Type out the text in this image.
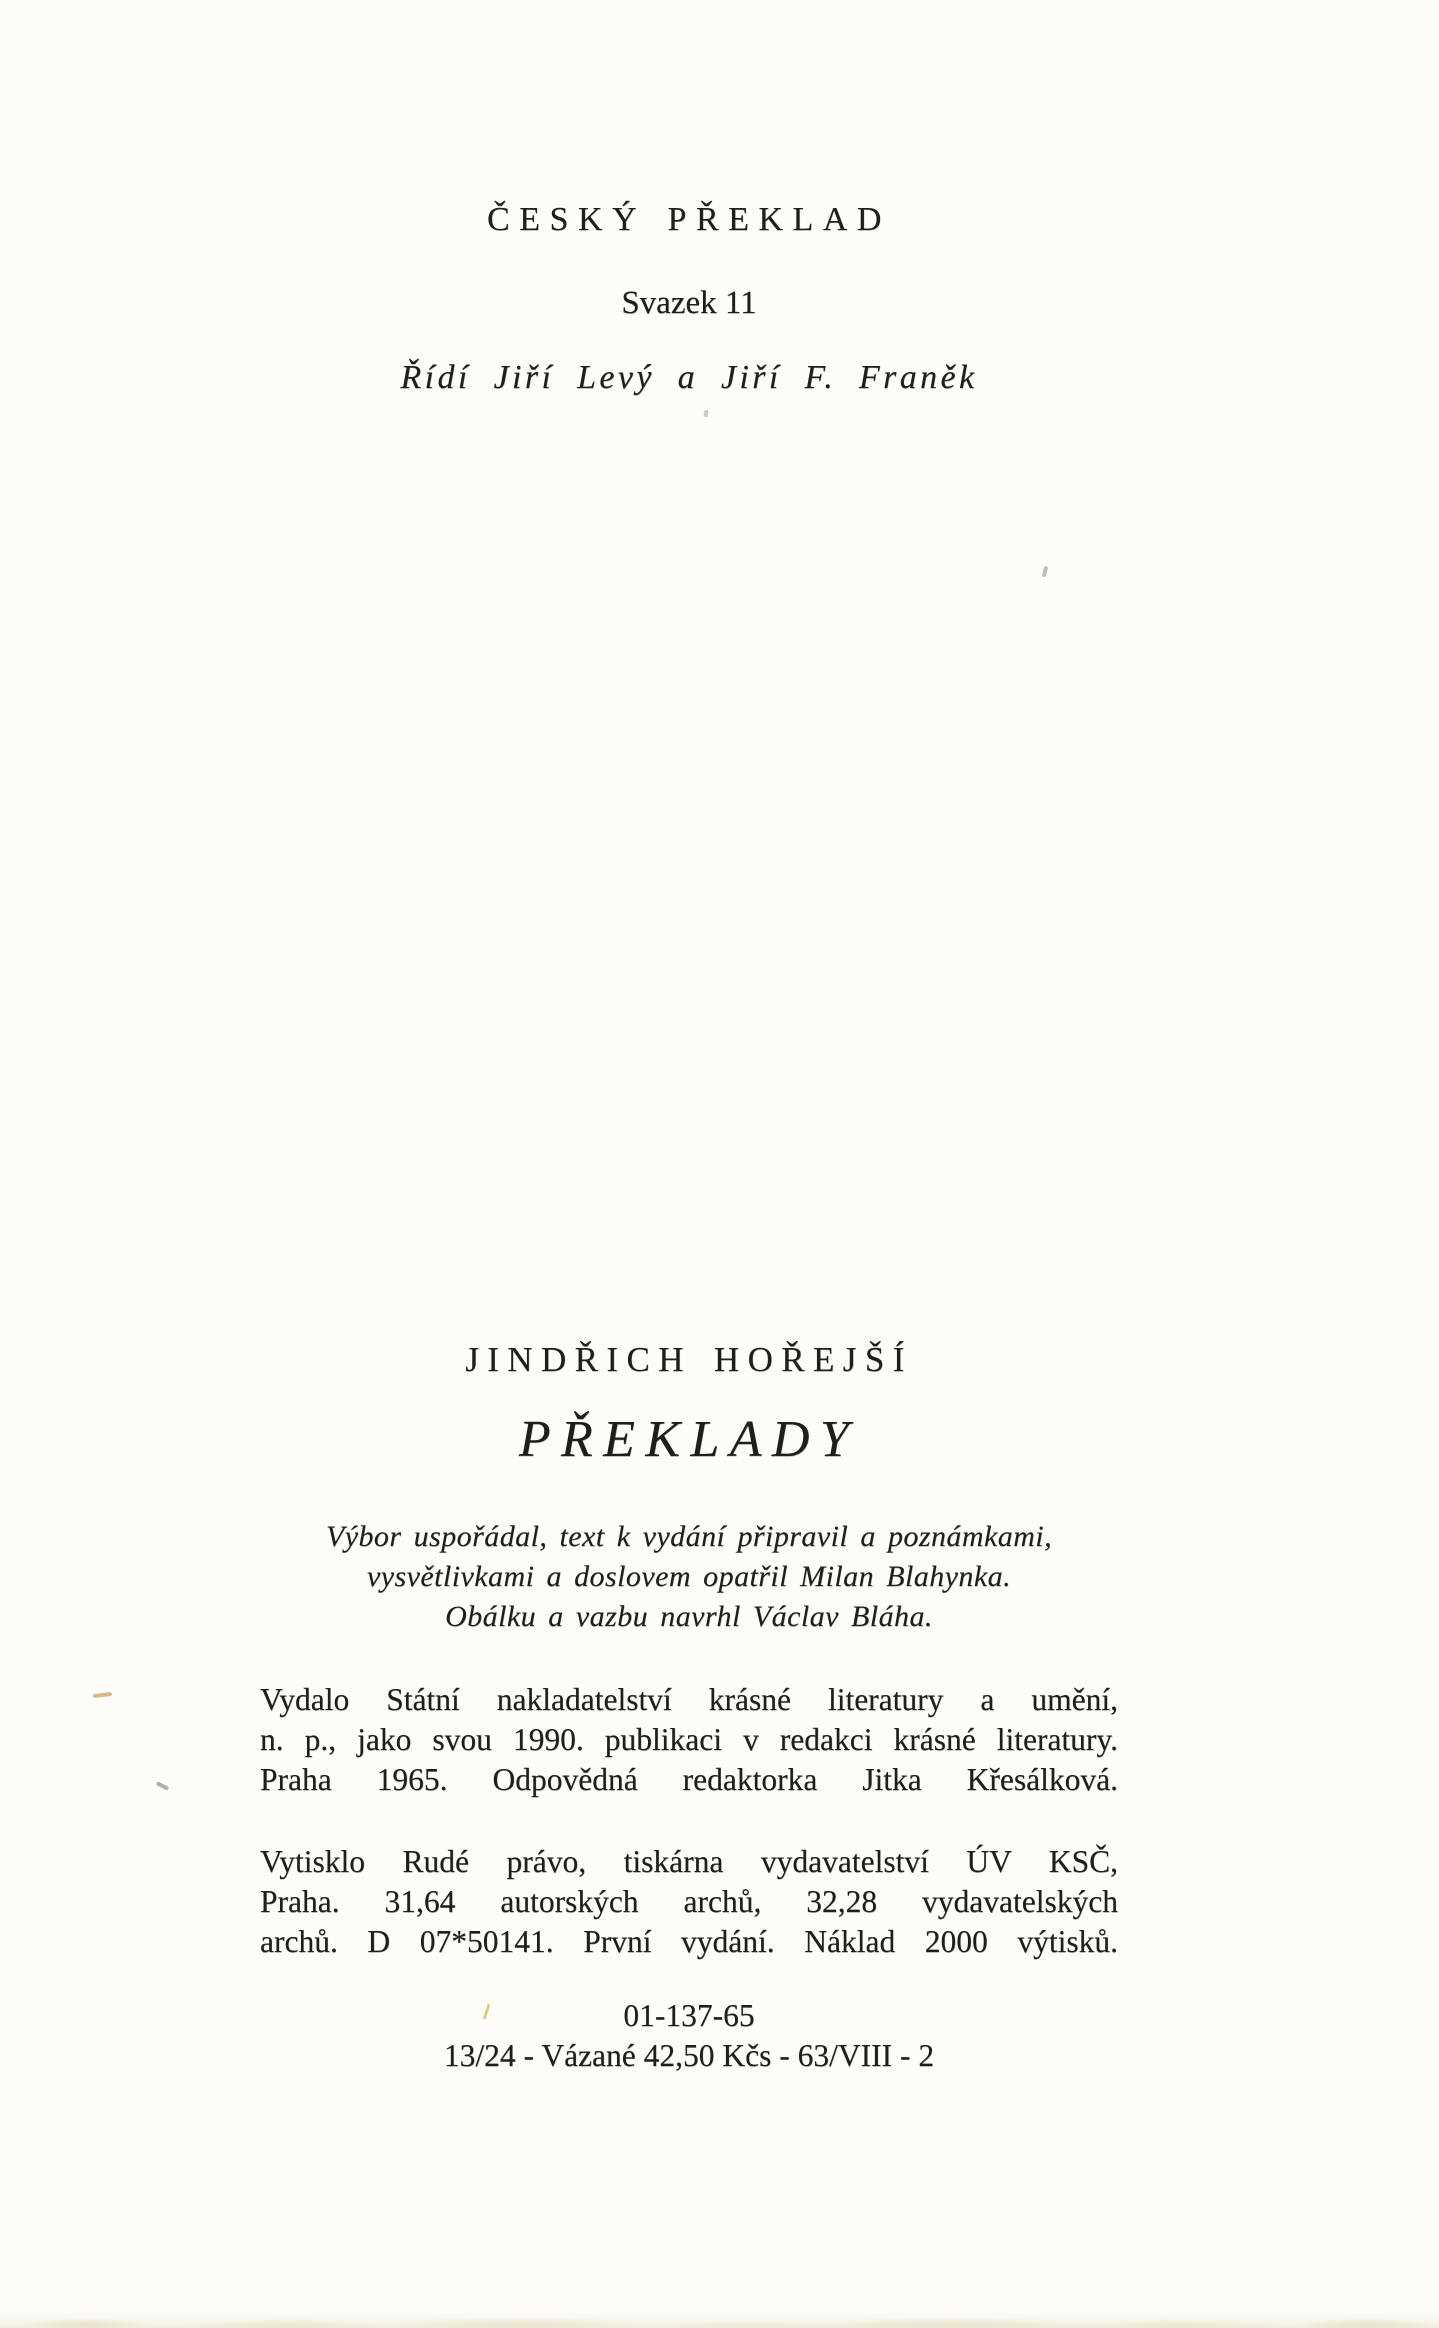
ČESKÝ PŘEKLAD
Svazek 11
Řídí Jiří Levý a Jiří F. Franěk
JINDŘICH HOŘEJŠÍ
PŘEKLADY
Výbor uspořádal, text k vydání připravil a poznámkami,
vysvětlivkami a doslovem opatřil Milan Blahynka.
Obálku a vazbu navrhl Václav Bláha.
Vydalo Státní nakladatelství krásné literatury a umění,
n. p., jako svou 1990. publikaci v redakci krásné literatury.
Praha 1965. Odpovědná redaktorka Jitka Křesálková.
Vytisklo Rudé právo, tiskárna vydavatelství ÚV KSČ,
Praha. 31,64 autorských archů, 32,28 vydavatelských
archů. D 07*50141. První vydání. Náklad 2000 výtisků.
01-137-65
13/24 - Vázané 42,50 Kčs - 63/VIII - 2
